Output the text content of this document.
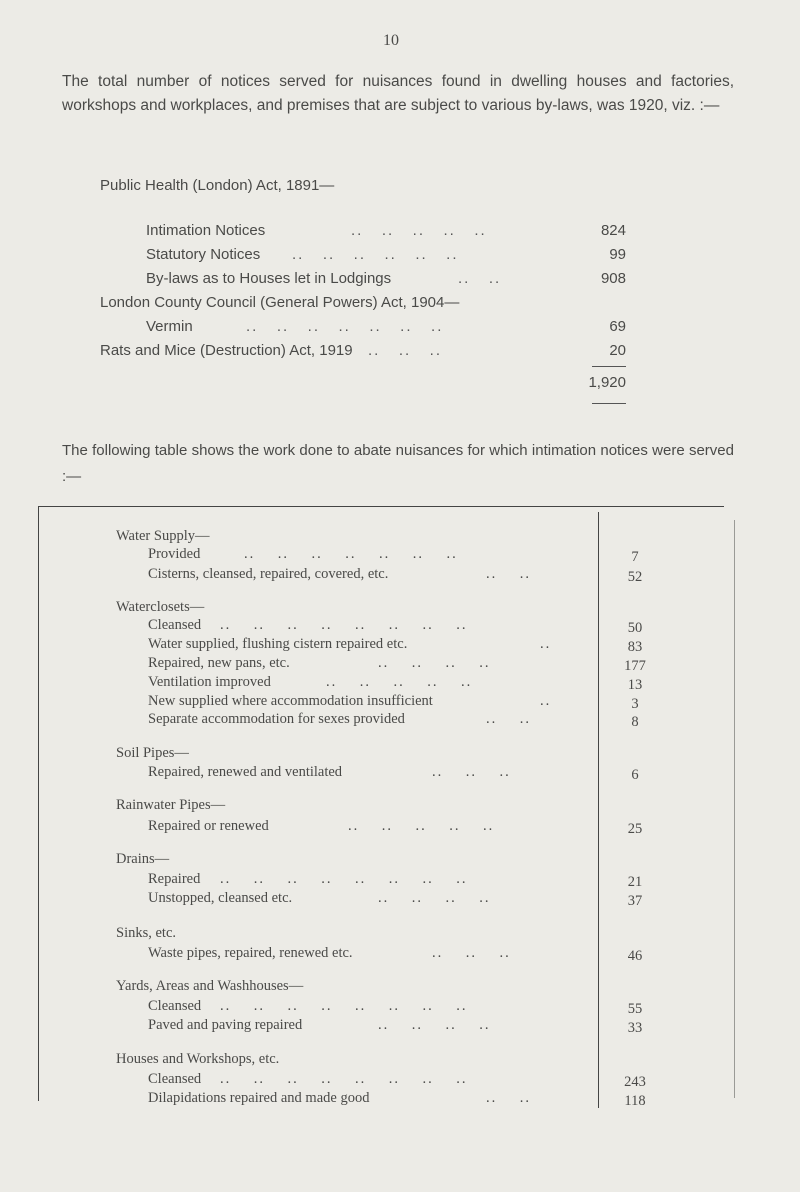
10
The total number of notices served for nuisances found in dwelling houses and factories, workshops and workplaces, and premises that are subject to various by-laws, was 1920, viz. :—
Public Health (London) Act, 1891—
Intimation Notices	..   ..   ..   ..   ..	824
Statutory Notices ..   ..   ..   ..   ..   ..	99
By-laws as to Houses let in Lodgings	..   ..	908
London County Council (General Powers) Act, 1904—
Vermin	..   ..   ..   ..   ..   ..   ..	69
Rats and Mice (Destruction) Act, 1919 ..   ..   ..	20
1,920
The following table shows the work done to abate nuisances for which intimation notices were served :—
Water Supply—
Provided	..    ..    ..    ..    ..    ..    ..	7
Cisterns, cleansed, repaired, covered, etc.	..    ..	52
Waterclosets—
Cleansed ..    ..    ..    ..    ..    ..    ..    ..	50
Water supplied, flushing cistern repaired etc.	..	83
Repaired, new pans, etc.	..    ..    ..    ..	177
Ventilation improved	..    ..    ..    ..    ..	13
New supplied where accommodation insufficient	..	3
Separate accommodation for sexes provided	..    ..	8
Soil Pipes—
Repaired, renewed and ventilated	..    ..    ..	6
Rainwater Pipes—
Repaired or renewed	..    ..    ..    ..    ..	25
Drains—
Repaired ..    ..    ..    ..    ..    ..    ..    ..	21
Unstopped, cleansed etc.	..    ..    ..    ..	37
Sinks, etc.
Waste pipes, repaired, renewed etc.	..    ..    ..	46
Yards, Areas and Washhouses—
Cleansed ..    ..    ..    ..    ..    ..    ..    ..	55
Paved and paving repaired	..    ..    ..    ..	33
Houses and Workshops, etc.
Cleansed ..    ..    ..    ..    ..    ..    ..    ..	243
Dilapidations repaired and made good	..    ..	118
